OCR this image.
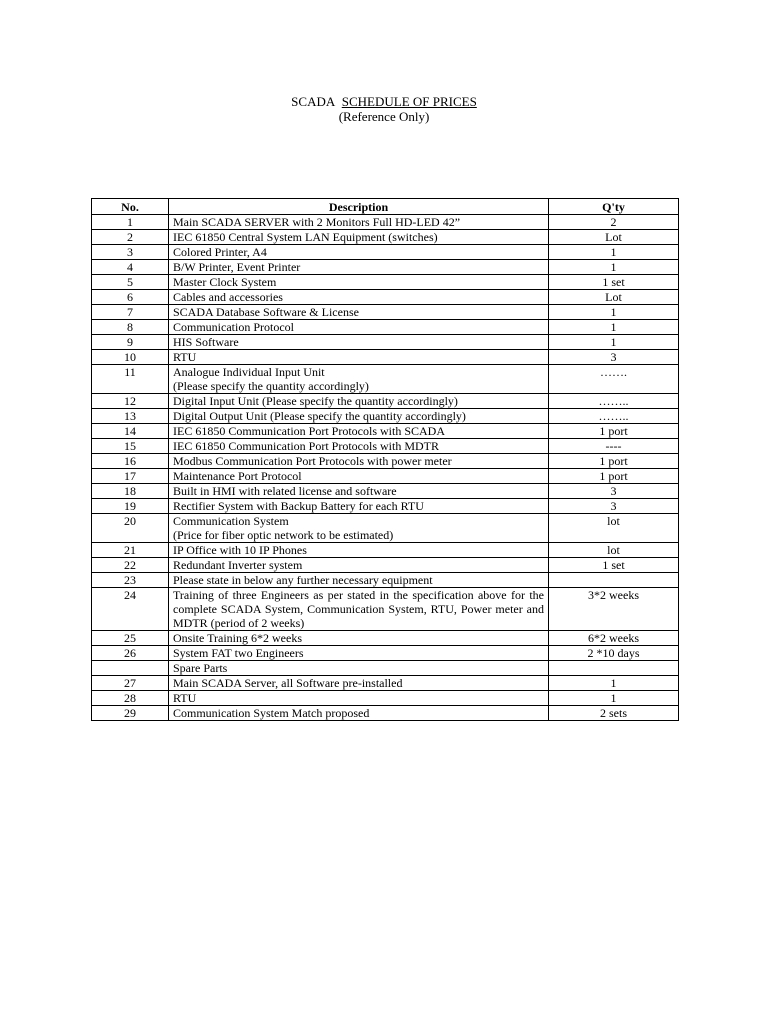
SCADA SCHEDULE OF PRICES
(Reference Only)
No.	Description	Q'ty
1	Main SCADA SERVER with 2 Monitors Full HD-LED 42”	2
2	IEC 61850 Central System LAN Equipment (switches)	Lot
3	Colored Printer, A4	1
4	B/W Printer, Event Printer	1
5	Master Clock System	1 set
6	Cables and accessories	Lot
7	SCADA Database Software & License	1
8	Communication Protocol	1
9	HIS Software	1
10	RTU	3
11	Analogue Individual Input Unit
(Please specify the quantity accordingly)	…….
12	Digital Input Unit (Please specify the quantity accordingly)	……..
13	Digital Output Unit (Please specify the quantity accordingly)	……..
14	IEC 61850 Communication Port Protocols with SCADA	1 port
15	IEC 61850 Communication Port Protocols with MDTR	----
16	Modbus Communication Port Protocols with power meter	1 port
17	Maintenance Port Protocol	1 port
18	Built in HMI with related license and software	3
19	Rectifier System with Backup Battery for each RTU	3
20	Communication System
(Price for fiber optic network to be estimated)	lot
21	IP Office with 10 IP Phones	lot
22	Redundant Inverter system	1 set
23	Please state in below any further necessary equipment	
24	Training of three Engineers as per stated in the specification above for the complete SCADA System, Communication System, RTU, Power meter and MDTR (period of 2 weeks)	3*2 weeks
25	Onsite Training 6*2 weeks	6*2 weeks
26	System FAT two Engineers	2 *10 days
	Spare Parts	
27	Main SCADA Server, all Software pre-installed	1
28	RTU	1
29	Communication System Match proposed	2 sets
